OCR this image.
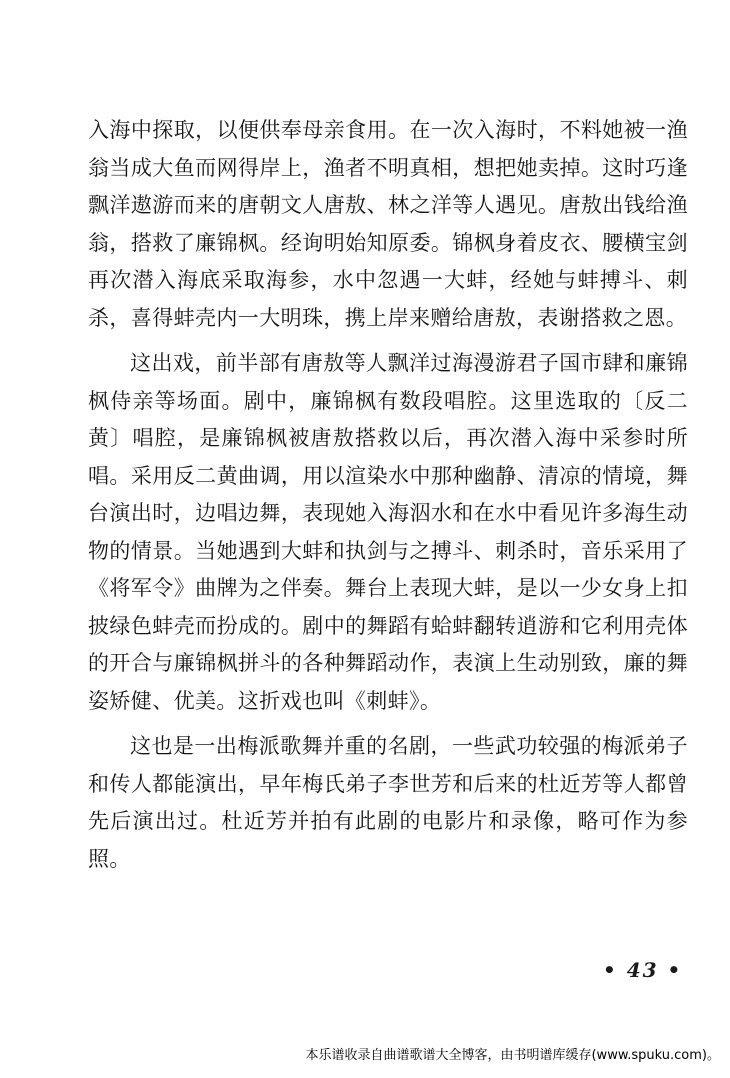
入海中探取，以便供奉母亲食用。在一次入海时，不料她被一渔翁当成大鱼而网得岸上，渔者不明真相，想把她卖掉。这时巧逢飘洋遨游而来的唐朝文人唐敖、林之洋等人遇见。唐敖出钱给渔翁，搭救了廉锦枫。经询明始知原委。锦枫身着皮衣、腰横宝剑再次潜入海底采取海参，水中忽遇一大蚌，经她与蚌搏斗、刺杀，喜得蚌壳内一大明珠，携上岸来赠给唐敖，表谢搭救之恩。

这出戏，前半部有唐敖等人飘洋过海漫游君子国市肆和廉锦枫侍亲等场面。剧中，廉锦枫有数段唱腔。这里选取的〔反二黄〕唱腔，是廉锦枫被唐敖搭救以后，再次潜入海中采参时所唱。采用反二黄曲调，用以渲染水中那种幽静、清凉的情境，舞台演出时，边唱边舞，表现她入海泅水和在水中看见许多海生动物的情景。当她遇到大蚌和执剑与之搏斗、刺杀时，音乐采用了《将军令》曲牌为之伴奏。舞台上表现大蚌，是以一少女身上扣披绿色蚌壳而扮成的。剧中的舞蹈有蛤蚌翻转逍游和它利用壳体的开合与廉锦枫拼斗的各种舞蹈动作，表演上生动别致，廉的舞姿矫健、优美。这折戏也叫《刺蚌》。

这也是一出梅派歌舞并重的名剧，一些武功较强的梅派弟子和传人都能演出，早年梅氏弟子李世芳和后来的杜近芳等人都曾先后演出过。杜近芳并拍有此剧的电影片和录像，略可作为参照。

• 43 •
本乐谱收录自曲谱歌谱大全博客，由书明谱库缓存(www.spuku.com)。
